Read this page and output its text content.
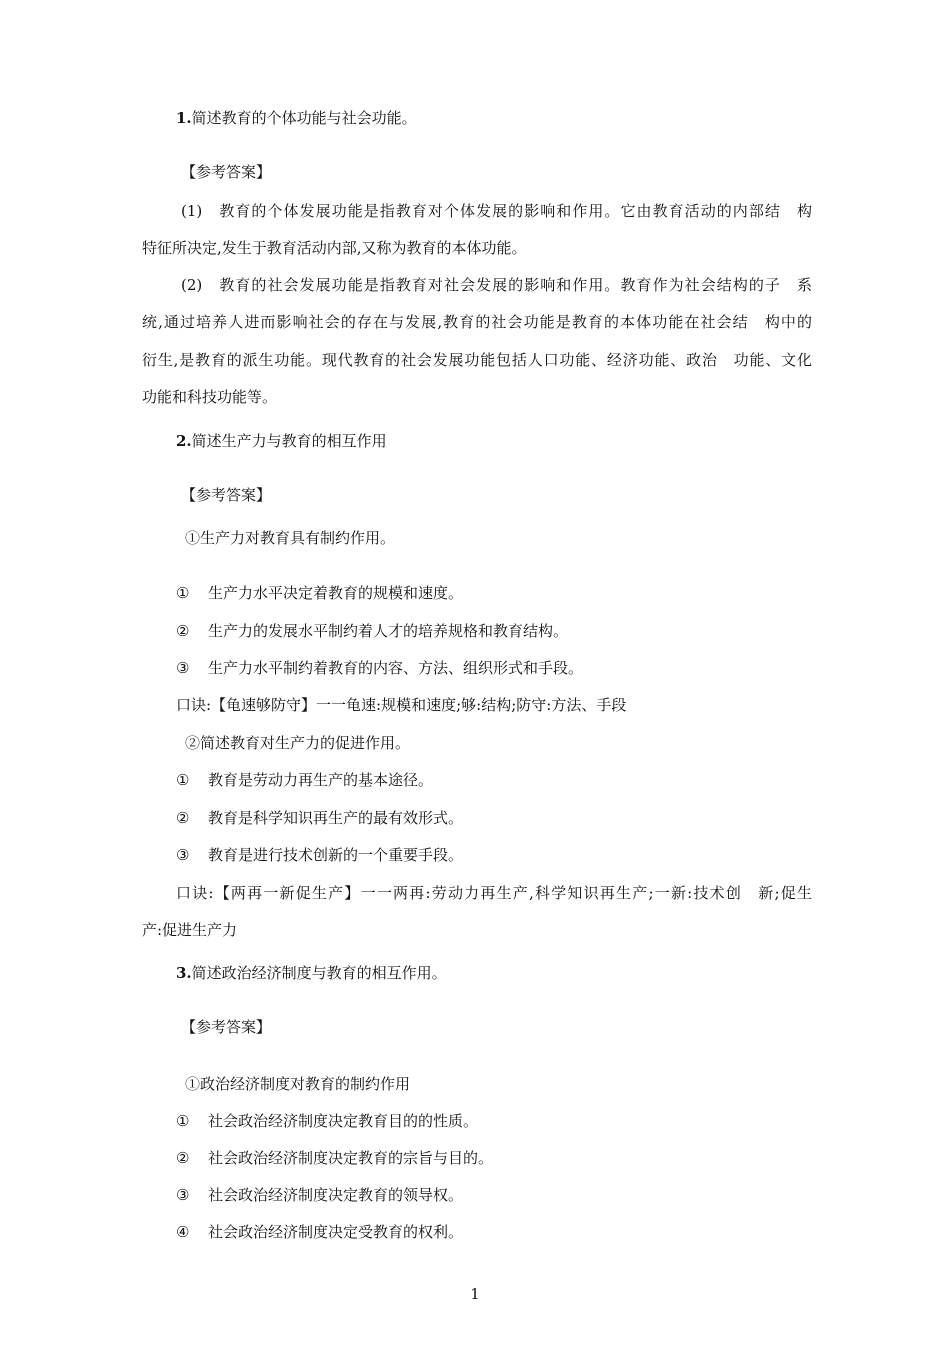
1.简述教育的个体功能与社会功能。
【参考答案】
(1)　教育的个体发展功能是指教育对个体发展的影响和作用。它由教育活动的内部结　构
特征所决定,发生于教育活动内部,又称为教育的本体功能。
(2)　教育的社会发展功能是指教育对社会发展的影响和作用。教育作为社会结构的子　系
统,通过培养人进而影响社会的存在与发展,教育的社会功能是教育的本体功能在社会结　构中的
衍生,是教育的派生功能。现代教育的社会发展功能包括人口功能、经济功能、政治　功能、文化
功能和科技功能等。
2.简述生产力与教育的相互作用
【参考答案】
①生产力对教育具有制约作用。
① 生产力水平决定着教育的规模和速度。
② 生产力的发展水平制约着人才的培养规格和教育结构。
③ 生产力水平制约着教育的内容、方法、组织形式和手段。
口诀:【龟速够防守】一一龟速:规模和速度;够:结构;防守:方法、手段
②简述教育对生产力的促进作用。
① 教育是劳动力再生产的基本途径。
② 教育是科学知识再生产的最有效形式。
③ 教育是进行技术创新的一个重要手段。
口诀:【两再一新促生产】一一两再:劳动力再生产,科学知识再生产;一新:技术创　新;促生
产:促进生产力
3.简述政治经济制度与教育的相互作用。
【参考答案】
①政治经济制度对教育的制约作用
① 社会政治经济制度决定教育目的的性质。
② 社会政治经济制度决定教育的宗旨与目的。
③ 社会政治经济制度决定教育的领导权。
④ 社会政治经济制度决定受教育的权利。
1
